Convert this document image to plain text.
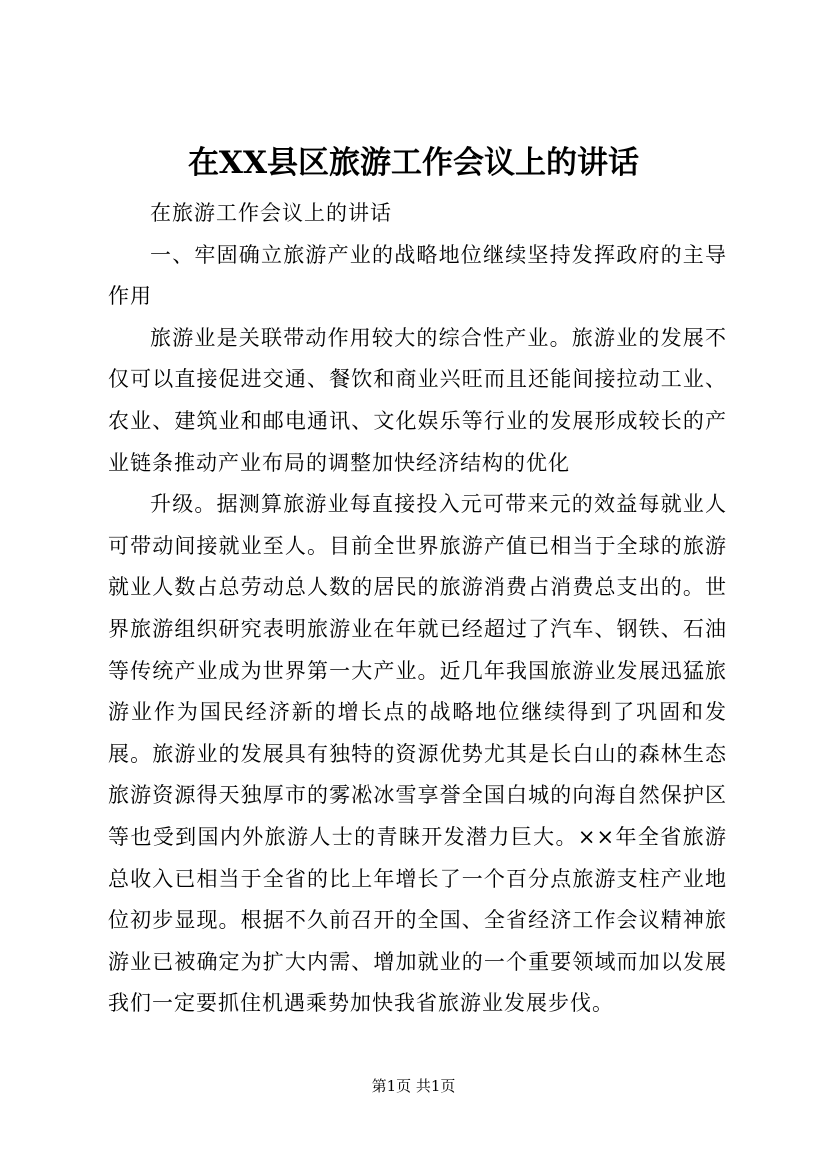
在XX县区旅游工作会议上的讲话

在旅游工作会议上的讲话

一、牢固确立旅游产业的战略地位继续坚持发挥政府的主导作用

旅游业是关联带动作用较大的综合性产业。旅游业的发展不仅可以直接促进交通、餐饮和商业兴旺而且还能间接拉动工业、农业、建筑业和邮电通讯、文化娱乐等行业的发展形成较长的产业链条推动产业布局的调整加快经济结构的优化

升级。据测算旅游业每直接投入元可带来元的效益每就业人可带动间接就业至人。目前全世界旅游产值已相当于全球的旅游就业人数占总劳动总人数的居民的旅游消费占消费总支出的。世界旅游组织研究表明旅游业在年就已经超过了汽车、钢铁、石油等传统产业成为世界第一大产业。近几年我国旅游业发展迅猛旅游业作为国民经济新的增长点的战略地位继续得到了巩固和发展。旅游业的发展具有独特的资源优势尤其是长白山的森林生态旅游资源得天独厚市的雾凇冰雪享誉全国白城的向海自然保护区等也受到国内外旅游人士的青睐开发潜力巨大。××年全省旅游总收入已相当于全省的比上年增长了一个百分点旅游支柱产业地位初步显现。根据不久前召开的全国、全省经济工作会议精神旅游业已被确定为扩大内需、增加就业的一个重要领域而加以发展我们一定要抓住机遇乘势加快我省旅游业发展步伐。

第1页 共1页
